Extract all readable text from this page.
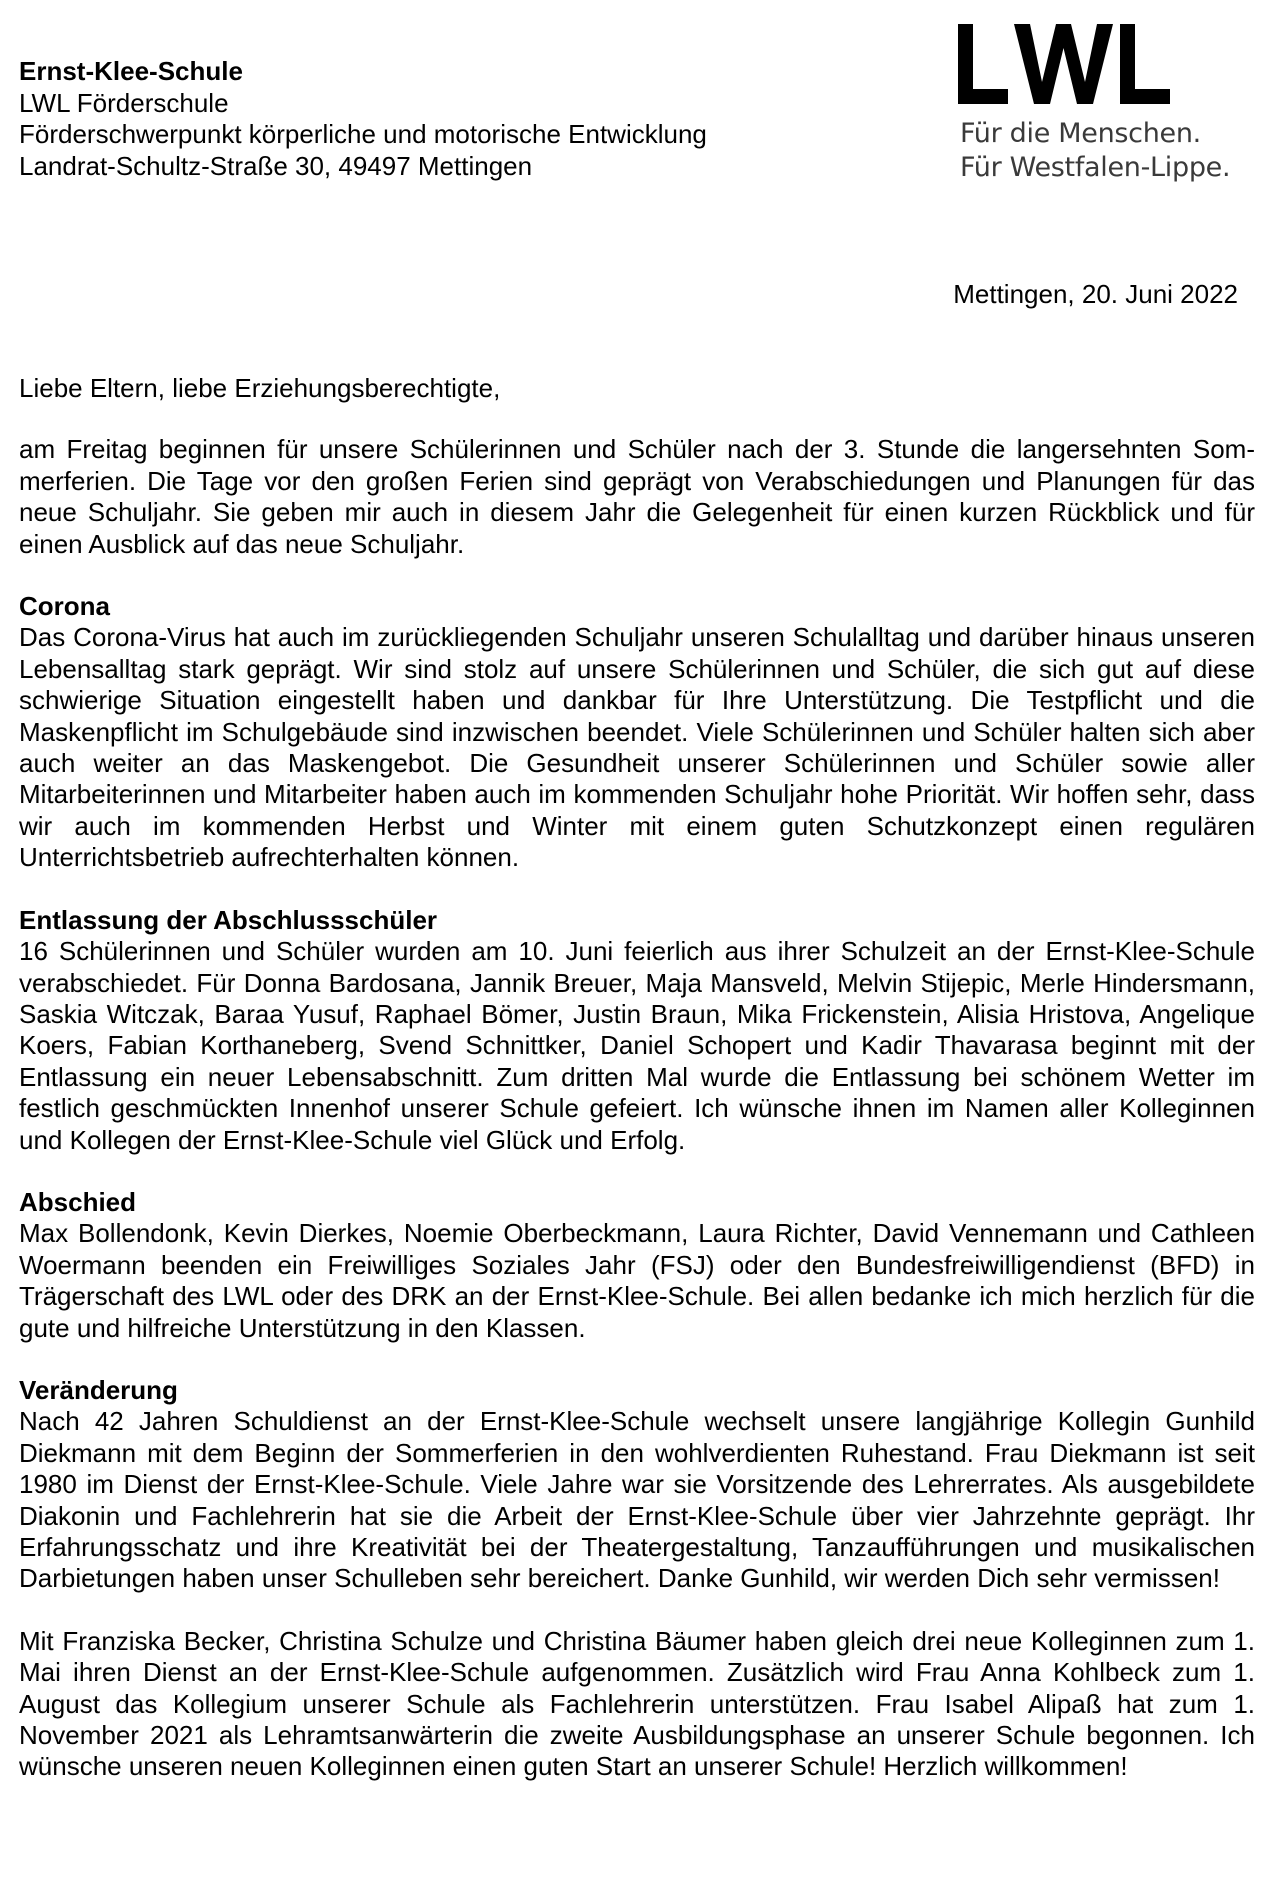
Ernst-Klee-Schule
LWL Förderschule
Förderschwerpunkt körperliche und motorische Entwicklung
Landrat-Schultz-Straße 30, 49497 Mettingen
Für die Menschen.
Für Westfalen-Lippe.
Mettingen, 20. Juni 2022

Liebe Eltern, liebe Erziehungsberechtigte,

am Freitag beginnen für unsere Schülerinnen und Schüler nach der 3. Stunde die langersehnten Sommerferien. Die Tage vor den großen Ferien sind geprägt von Verabschiedungen und Planungen für das neue Schuljahr. Sie geben mir auch in diesem Jahr die Gelegenheit für einen kurzen Rückblick und für einen Ausblick auf das neue Schuljahr.

Corona

Das Corona-Virus hat auch im zurückliegenden Schuljahr unseren Schulalltag und darüber hinaus unseren Lebensalltag stark geprägt. Wir sind stolz auf unsere Schülerinnen und Schüler, die sich gut auf diese schwierige Situation eingestellt haben und dankbar für Ihre Unterstützung. Die Testpflicht und die Maskenpflicht im Schulgebäude sind inzwischen beendet. Viele Schülerinnen und Schüler halten sich aber auch weiter an das Maskengebot. Die Gesundheit unserer Schülerinnen und Schüler sowie aller Mitarbeiterinnen und Mitarbeiter haben auch im kommenden Schuljahr hohe Priorität. Wir hoffen sehr, dass wir auch im kommenden Herbst und Winter mit einem guten Schutzkonzept einen regulären Unterrichtsbetrieb aufrechterhalten können.

Entlassung der Abschlussschüler

16 Schülerinnen und Schüler wurden am 10. Juni feierlich aus ihrer Schulzeit an der Ernst-Klee-Schule verabschiedet. Für Donna Bardosana, Jannik Breuer, Maja Mansveld, Melvin Stijepic, Merle Hindersmann, Saskia Witczak, Baraa Yusuf, Raphael Bömer, Justin Braun, Mika Frickenstein, Alisia Hristova, Angelique Koers, Fabian Korthaneberg, Svend Schnittker, Daniel Schopert und Kadir Thavarasa beginnt mit der Entlassung ein neuer Lebensabschnitt. Zum dritten Mal wurde die Entlassung bei schönem Wetter im festlich geschmückten Innenhof unserer Schule gefeiert. Ich wünsche ihnen im Namen aller Kolleginnen und Kollegen der Ernst-Klee-Schule viel Glück und Erfolg.

Abschied

Max Bollendonk, Kevin Dierkes, Noemie Oberbeckmann, Laura Richter, David Vennemann und Cathleen Woermann beenden ein Freiwilliges Soziales Jahr (FSJ) oder den Bundesfreiwilligendienst (BFD) in Trägerschaft des LWL oder des DRK an der Ernst-Klee-Schule. Bei allen bedanke ich mich herzlich für die gute und hilfreiche Unterstützung in den Klassen.

Veränderung

Nach 42 Jahren Schuldienst an der Ernst-Klee-Schule wechselt unsere langjährige Kollegin Gunhild Diekmann mit dem Beginn der Sommerferien in den wohlverdienten Ruhestand. Frau Diekmann ist seit 1980 im Dienst der Ernst-Klee-Schule. Viele Jahre war sie Vorsitzende des Lehrerrates. Als ausgebildete Diakonin und Fachlehrerin hat sie die Arbeit der Ernst-Klee-Schule über vier Jahrzehnte geprägt. Ihr Erfahrungsschatz und ihre Kreativität bei der Theatergestaltung, Tanzaufführungen und musikalischen Darbietungen haben unser Schulleben sehr bereichert. Danke Gunhild, wir werden Dich sehr vermissen!

Mit Franziska Becker, Christina Schulze und Christina Bäumer haben gleich drei neue Kolleginnen zum 1. Mai ihren Dienst an der Ernst-Klee-Schule aufgenommen. Zusätzlich wird Frau Anna Kohlbeck zum 1. August das Kollegium unserer Schule als Fachlehrerin unterstützen. Frau Isabel Alipaß hat zum 1. November 2021 als Lehramtsanwärterin die zweite Ausbildungsphase an unserer Schule begonnen. Ich wünsche unseren neuen Kolleginnen einen guten Start an unserer Schule! Herzlich willkommen!
